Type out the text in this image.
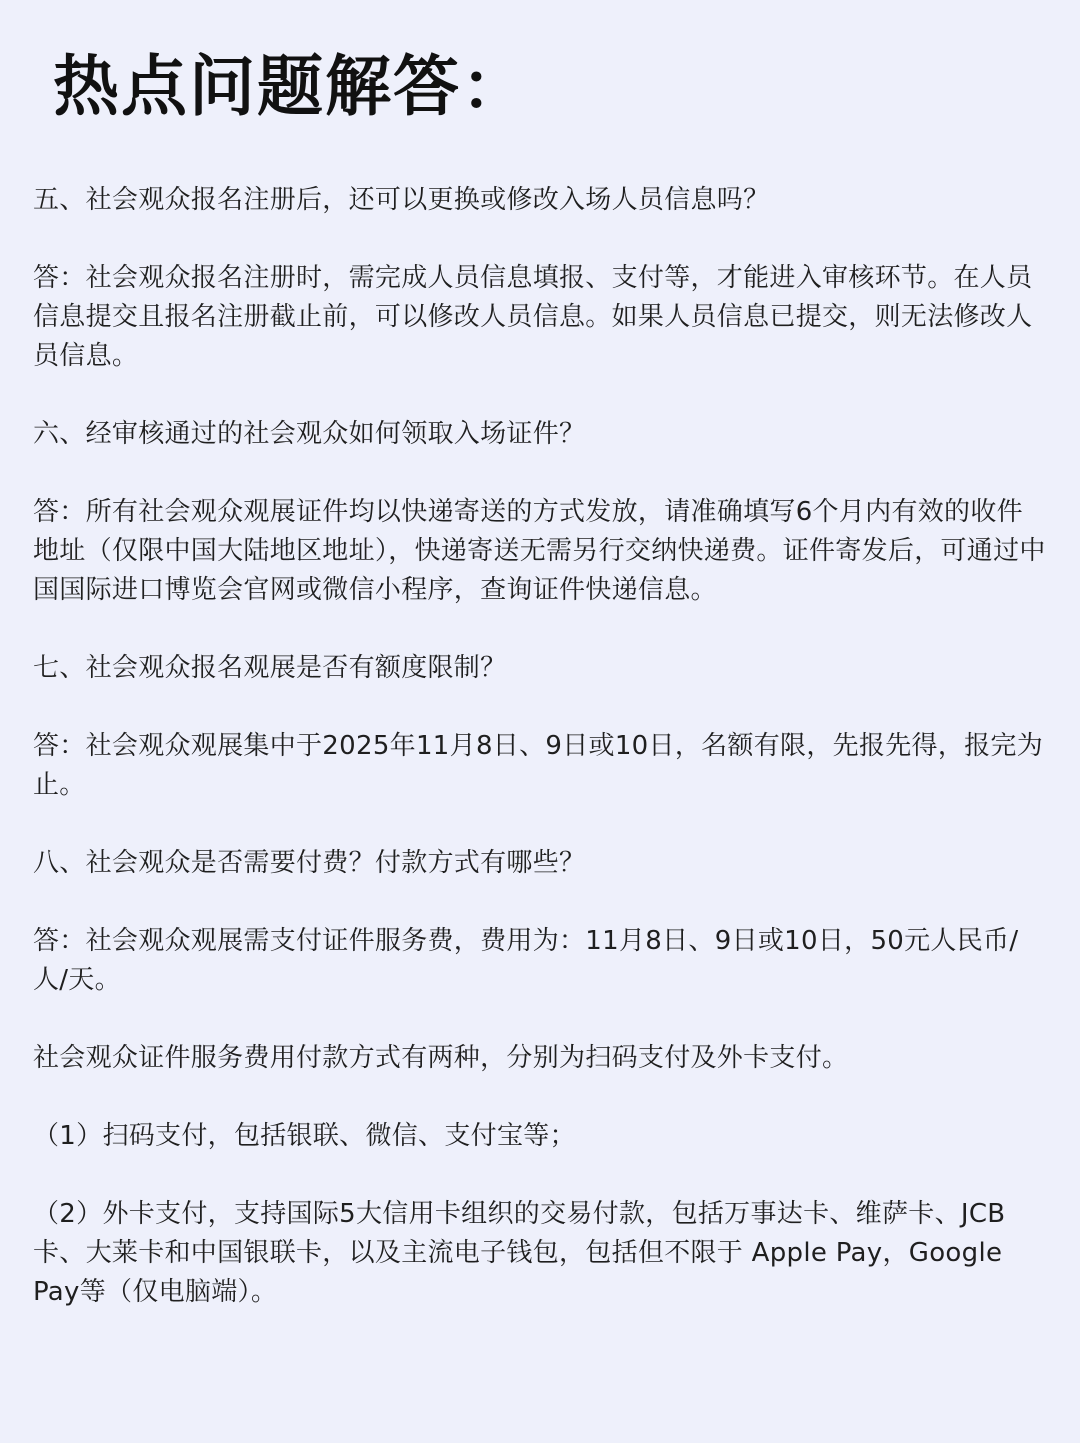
热点问题解答：

五、社会观众报名注册后，还可以更换或修改入场人员信息吗？

答：社会观众报名注册时，需完成人员信息填报、支付等，才能进入审核环节。在人员信息提交且报名注册截止前，可以修改人员信息。如果人员信息已提交，则无法修改人员信息。

六、经审核通过的社会观众如何领取入场证件？

答：所有社会观众观展证件均以快递寄送的方式发放，请准确填写6个月内有效的收件地址（仅限中国大陆地区地址），快递寄送无需另行交纳快递费。证件寄发后，可通过中国国际进口博览会官网或微信小程序，查询证件快递信息。

七、社会观众报名观展是否有额度限制？

答：社会观众观展集中于2025年11月8日、9日或10日，名额有限，先报先得，报完为止。

八、社会观众是否需要付费？付款方式有哪些？

答：社会观众观展需支付证件服务费，费用为：11月8日、9日或10日，50元人民币/人/天。

社会观众证件服务费用付款方式有两种，分别为扫码支付及外卡支付。

（1）扫码支付，包括银联、微信、支付宝等；

（2）外卡支付，支持国际5大信用卡组织的交易付款，包括万事达卡、维萨卡、JCB卡、大莱卡和中国银联卡，以及主流电子钱包，包括但不限于 Apple Pay，Google Pay等（仅电脑端）。
